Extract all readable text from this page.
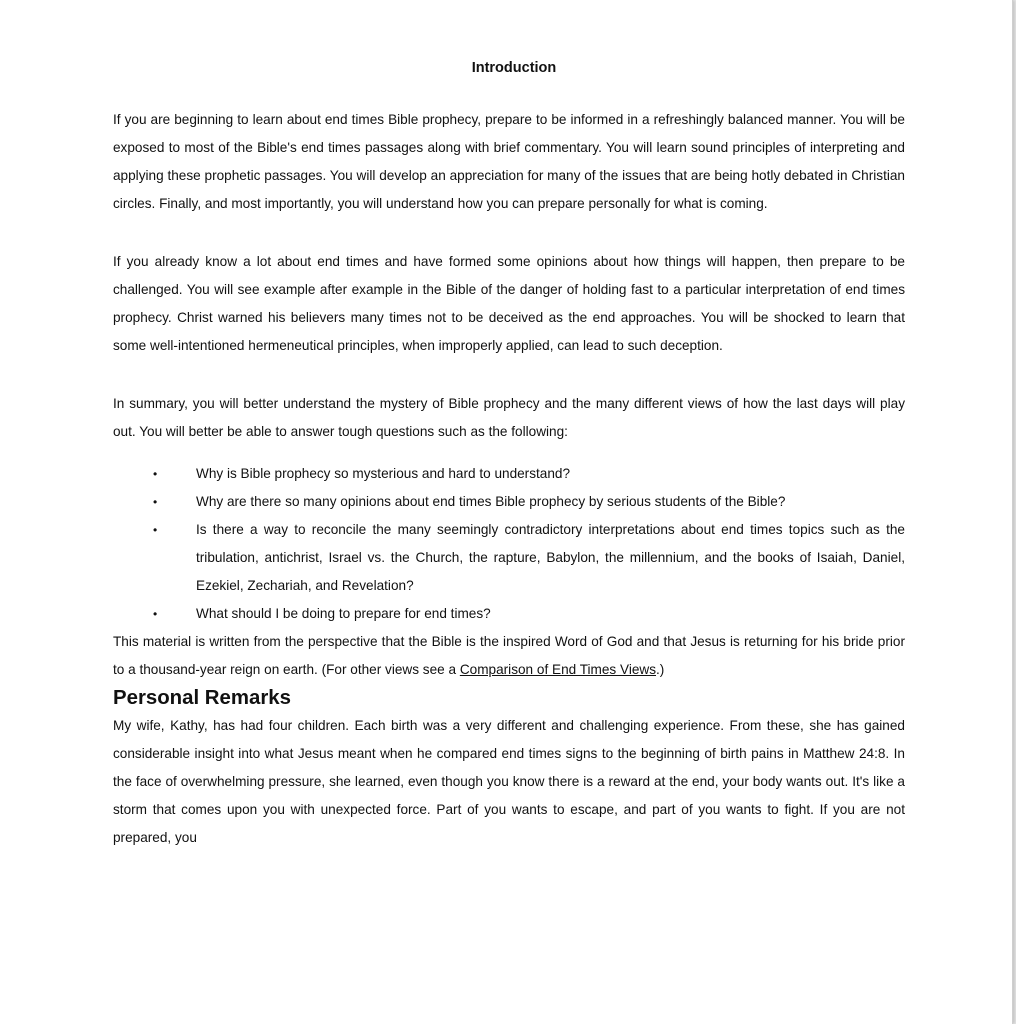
Introduction

If you are beginning to learn about end times Bible prophecy, prepare to be informed in a refreshingly balanced manner. You will be exposed to most of the Bible's end times passages along with brief commentary. You will learn sound principles of interpreting and applying these prophetic passages. You will develop an appreciation for many of the issues that are being hotly debated in Christian circles. Finally, and most importantly, you will understand how you can prepare personally for what is coming.

If you already know a lot about end times and have formed some opinions about how things will happen, then prepare to be challenged. You will see example after example in the Bible of the danger of holding fast to a particular interpretation of end times prophecy. Christ warned his believers many times not to be deceived as the end approaches. You will be shocked to learn that some well-intentioned hermeneutical principles, when improperly applied, can lead to such deception.

In summary, you will better understand the mystery of Bible prophecy and the many different views of how the last days will play out. You will better be able to answer tough questions such as the following:

•	Why is Bible prophecy so mysterious and hard to understand?
•	Why are there so many opinions about end times Bible prophecy by serious students of the Bible?
•	Is there a way to reconcile the many seemingly contradictory interpretations about end times topics such as the tribulation, antichrist, Israel vs. the Church, the rapture, Babylon, the millennium, and the books of Isaiah, Daniel, Ezekiel, Zechariah, and Revelation?
•	What should I be doing to prepare for end times?

This material is written from the perspective that the Bible is the inspired Word of God and that Jesus is returning for his bride prior to a thousand-year reign on earth. (For other views see a Comparison of End Times Views.)

Personal Remarks

My wife, Kathy, has had four children. Each birth was a very different and challenging experience. From these, she has gained considerable insight into what Jesus meant when he compared end times signs to the beginning of birth pains in Matthew 24:8. In the face of overwhelming pressure, she learned, even though you know there is a reward at the end, your body wants out. It's like a storm that comes upon you with unexpected force. Part of you wants to escape, and part of you wants to fight. If you are not prepared, you
